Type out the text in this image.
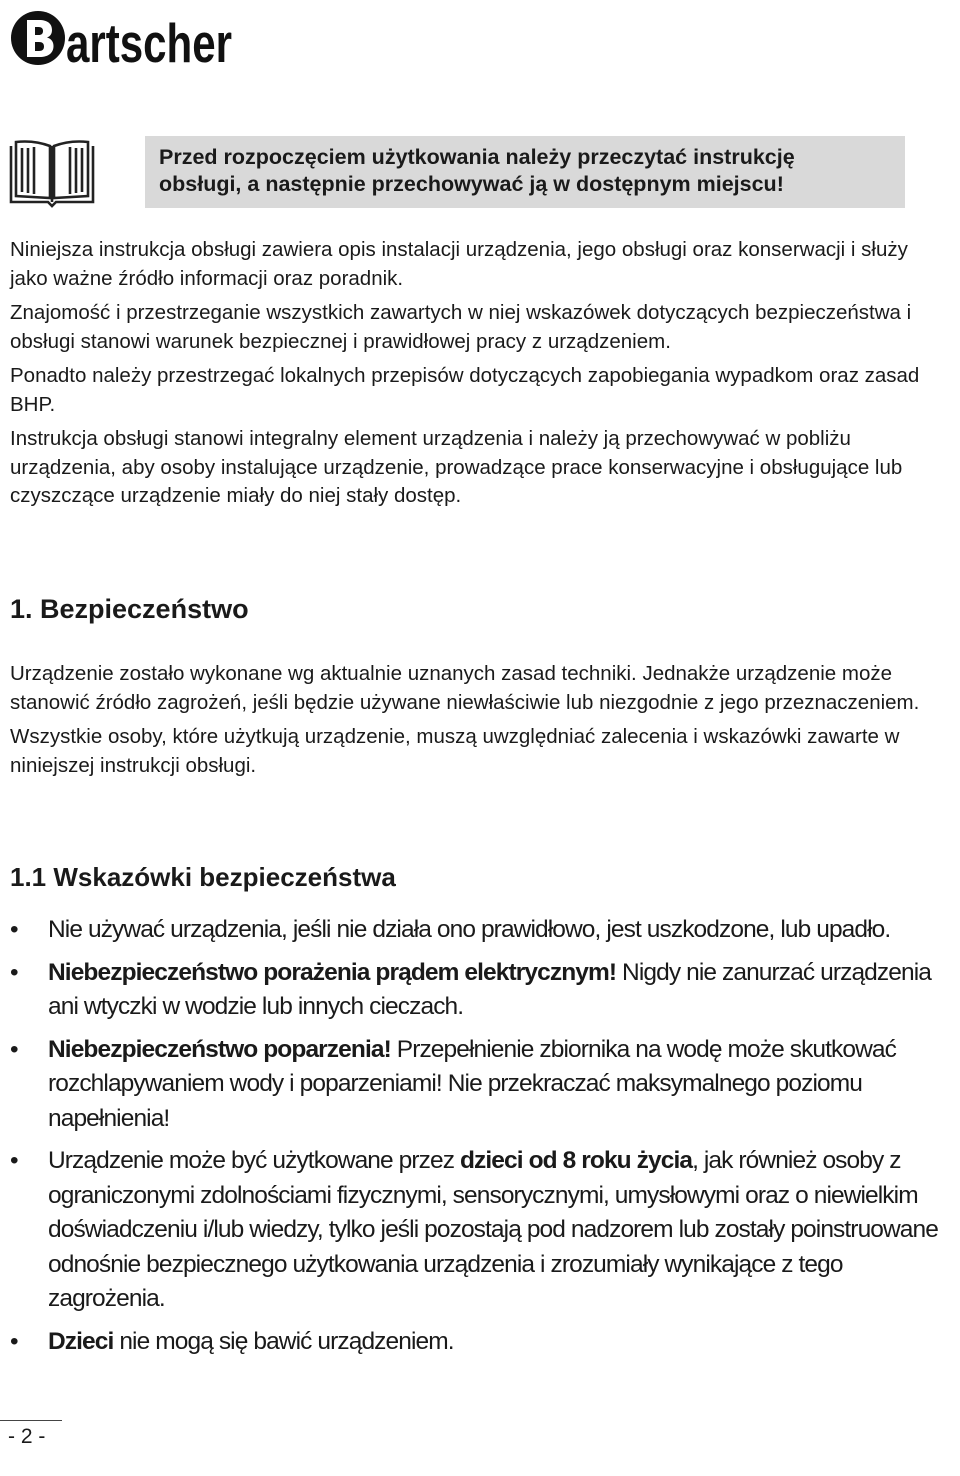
artscher
Przed rozpoczęciem użytkowania należy przeczytać instrukcję
obsługi, a następnie przechowywać ją w dostępnym miejscu!

Niniejsza instrukcja obsługi zawiera opis instalacji urządzenia, jego obsługi oraz konserwacji i służy jako ważne źródło informacji oraz poradnik.

Znajomość i przestrzeganie wszystkich zawartych w niej wskazówek dotyczących bezpieczeństwa i obsługi stanowi warunek bezpiecznej i prawidłowej pracy z urządzeniem.

Ponadto należy przestrzegać lokalnych przepisów dotyczących zapobiegania wypadkom oraz zasad BHP.

Instrukcja obsługi stanowi integralny element urządzenia i należy ją przechowywać w pobliżu urządzenia, aby osoby instalujące urządzenie, prowadzące prace konserwacyjne i obsługujące lub czyszczące urządzenie miały do niej stały dostęp.

1. Bezpieczeństwo

Urządzenie zostało wykonane wg aktualnie uznanych zasad techniki. Jednakże urządzenie może stanowić źródło zagrożeń, jeśli będzie używane niewłaściwie lub niezgodnie z jego przeznaczeniem.

Wszystkie osoby, które użytkują urządzenie, muszą uwzględniać zalecenia i wskazówki zawarte w niniejszej instrukcji obsługi.

1.1 Wskazówki bezpieczeństwa
• Nie używać urządzenia, jeśli nie działa ono prawidłowo, jest uszkodzone, lub upadło.
• Niebezpieczeństwo porażenia prądem elektrycznym! Nigdy nie zanurzać urządzenia ani wtyczki w wodzie lub innych cieczach.
• Niebezpieczeństwo poparzenia! Przepełnienie zbiornika na wodę może skutkować rozchlapywaniem wody i poparzeniami! Nie przekraczać maksymalnego poziomu napełnienia!
• Urządzenie może być użytkowane przez dzieci od 8 roku życia, jak również osoby z ograniczonymi zdolnościami fizycznymi, sensorycznymi, umysłowymi oraz o niewielkim doświadczeniu i/lub wiedzy, tylko jeśli pozostają pod nadzorem lub zostały poinstruowane odnośnie bezpiecznego użytkowania urządzenia i zrozumiały wynikające z tego zagrożenia.
• Dzieci nie mogą się bawić urządzeniem.
- 2 -
